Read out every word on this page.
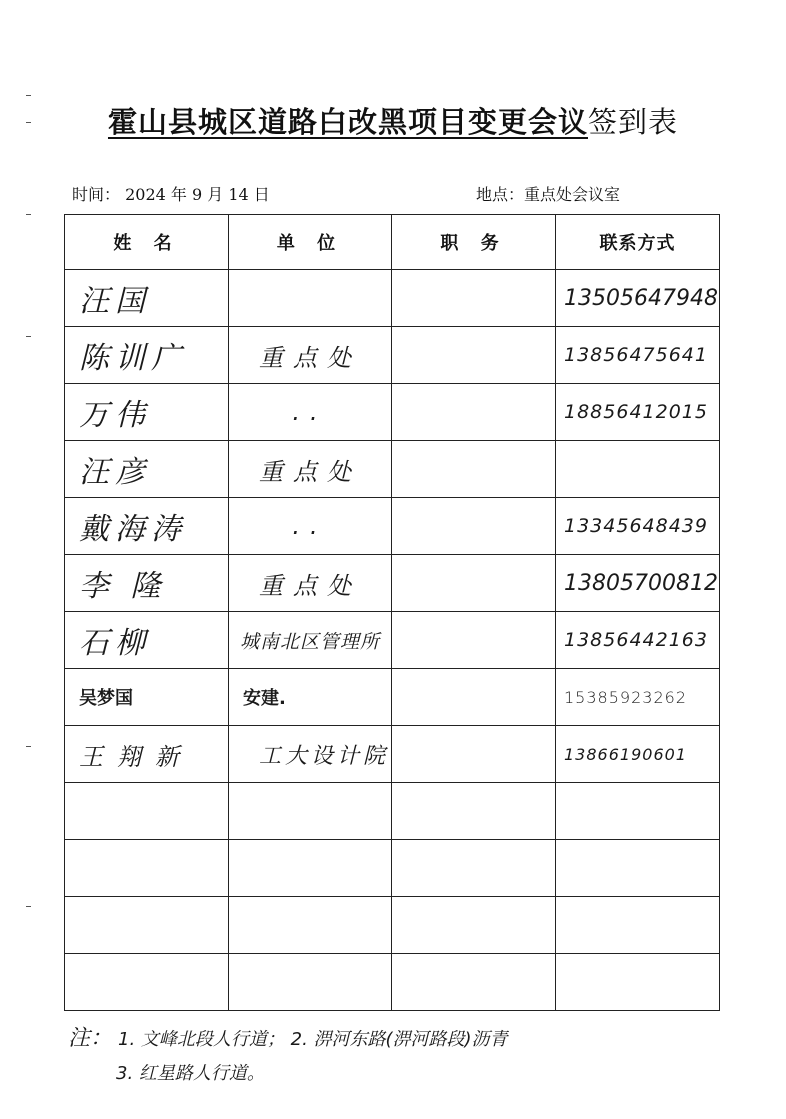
霍山县城区道路白改黑项目变更会议签到表
时间： 2024 年 9 月 14 日	地点：重点处会议室
姓 名	单 位	职 务	联系方式

汪国			13505647948

陈训广	重点处		13856475641

万伟	..		18856412015

汪彦	重点处		

戴海涛	..		13345648439

李 隆	重点处		13805700812

石柳	城南北区管理所		13856442163

吴梦国	安建.		15385923262

王翔新	工大设计院		13866190601

注： 1. 文峰北段人行道； 2. 淠河东路(淠河路段)沥青
3. 红星路人行道。
